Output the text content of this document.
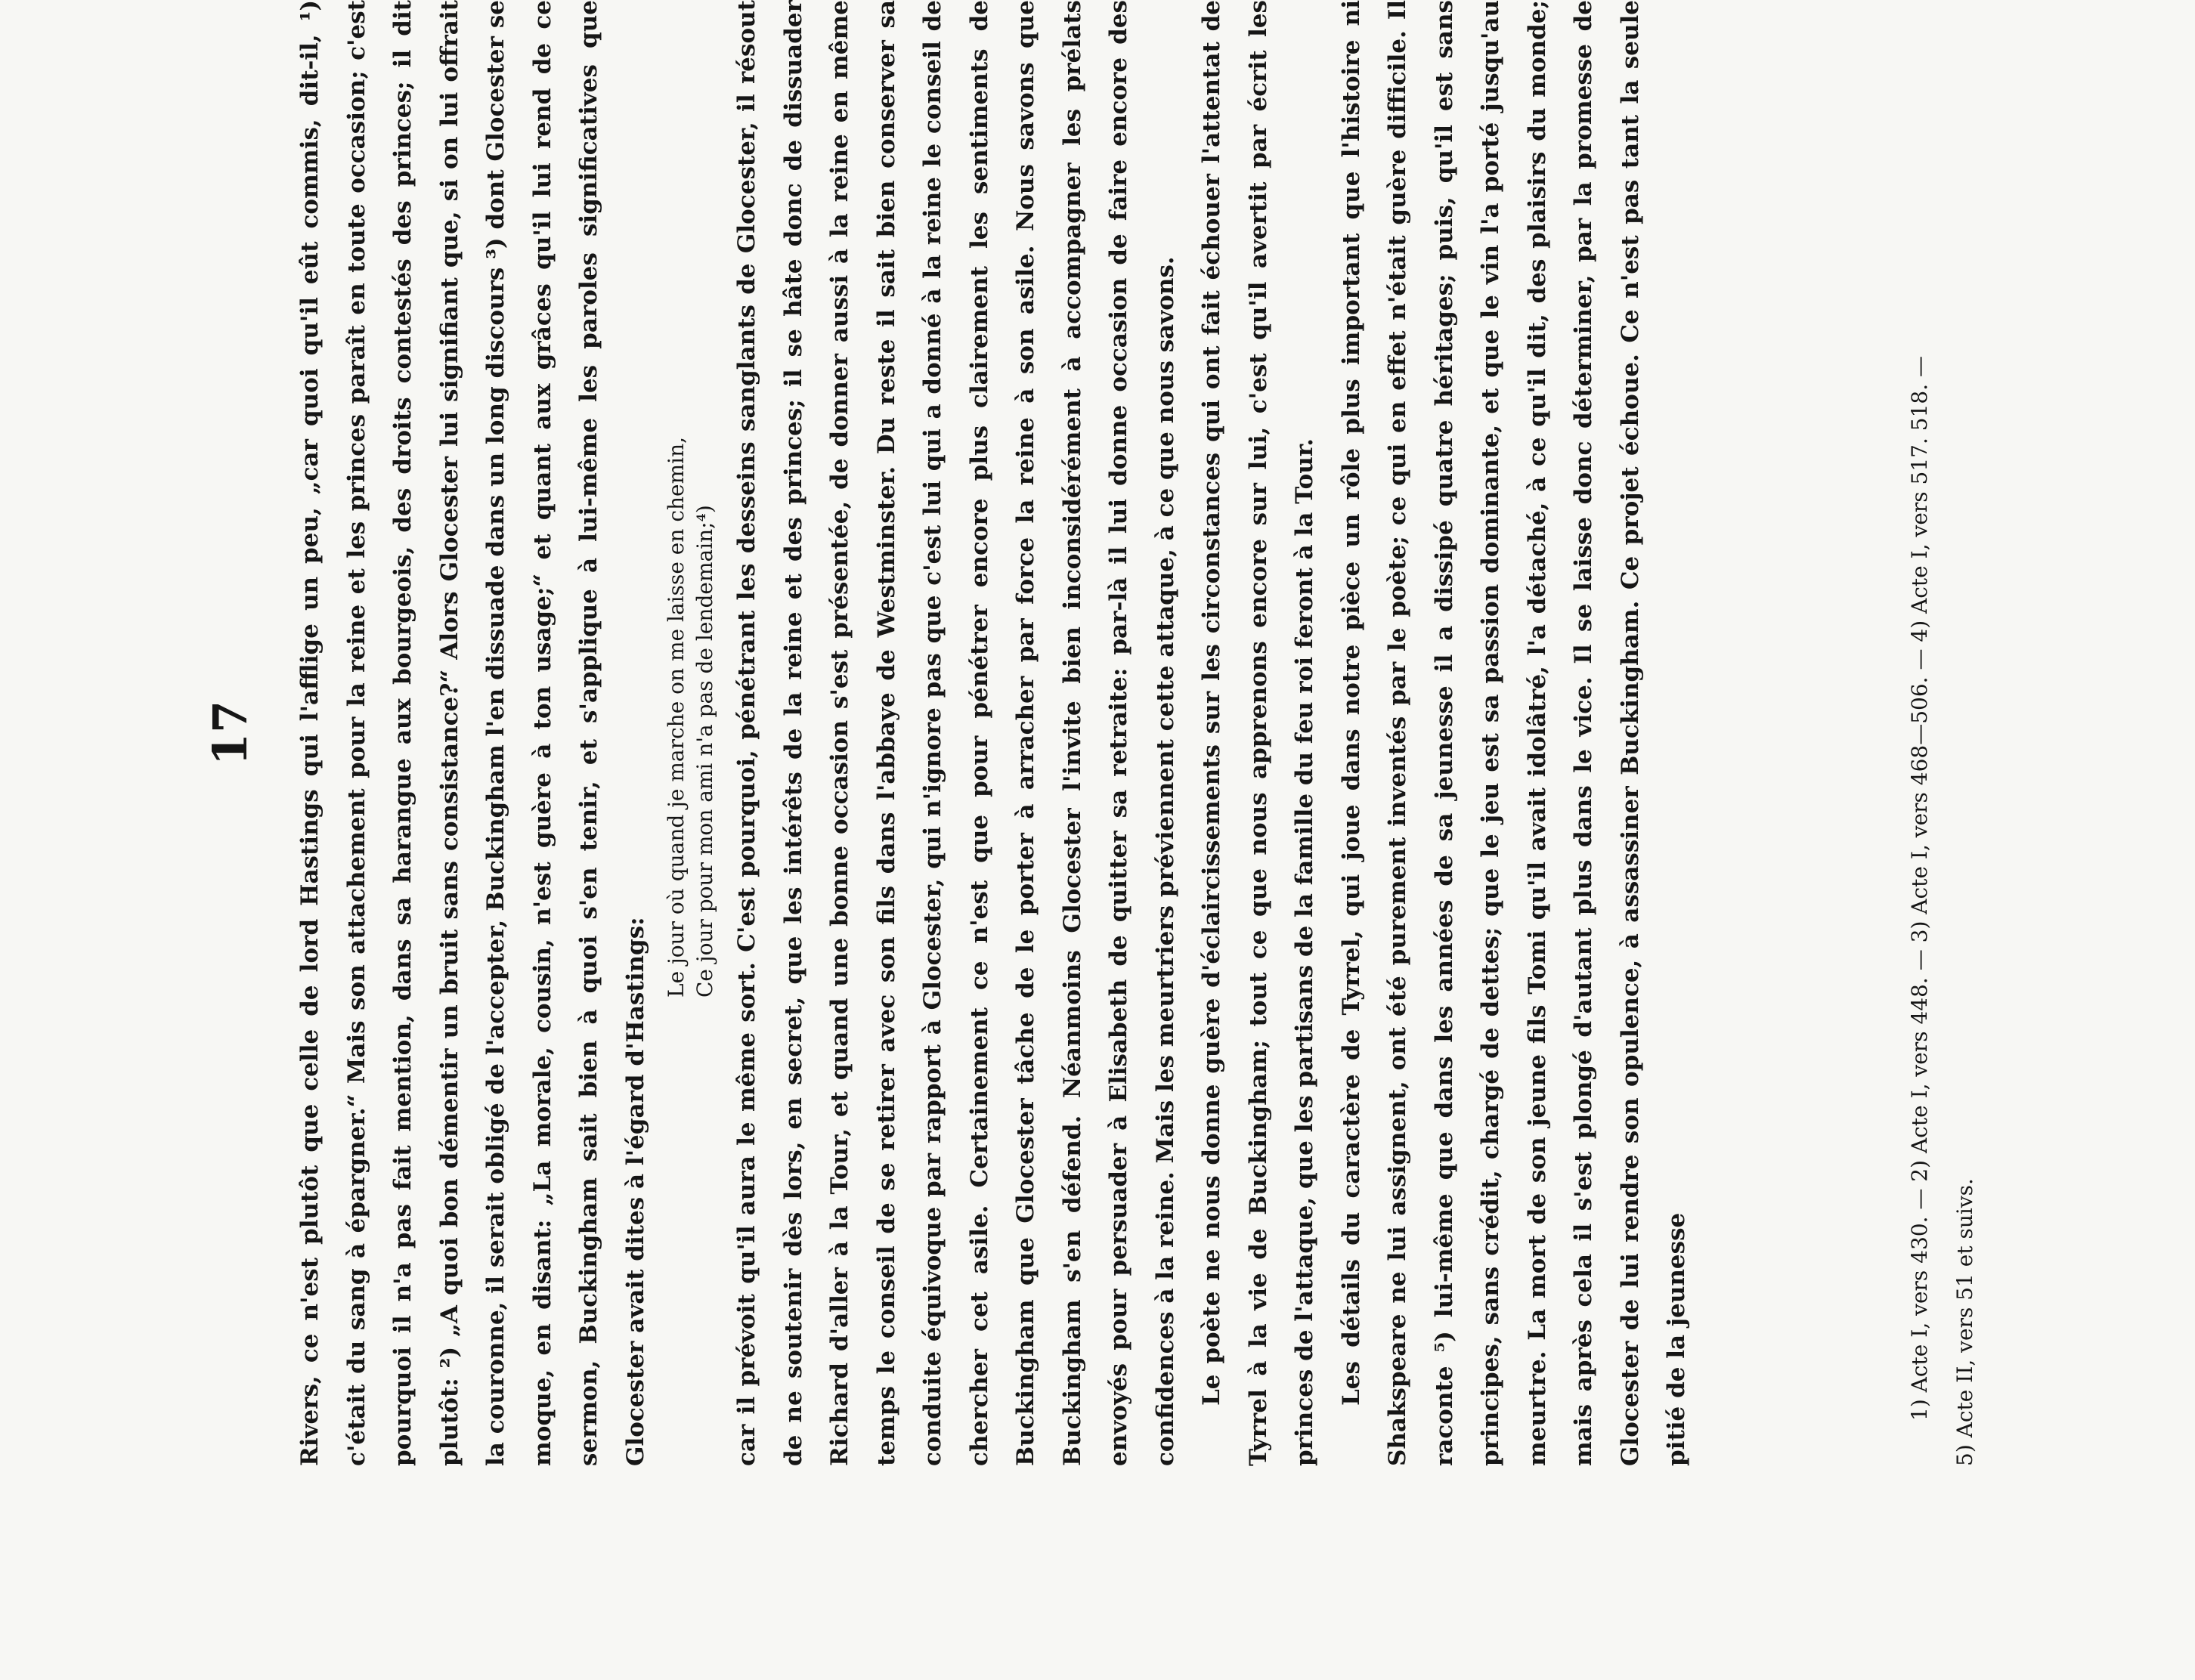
17	Rivers, ce n'est plutôt que celle de lord Hastings qui l'afflige un peu, „car quoi qu'il eût commis, dit-il, ¹) c'était du sang à épargner.“ Mais son attachement pour la reine et les princes paraît en toute occasion; c'est pourquoi il n'a pas fait mention, dans sa harangue aux bourgeois, des droits contestés des princes; il dit plutôt: ²) „A quoi bon démentir un bruit sans consistance?“ Alors Glocester lui signifiant que, si on lui offrait la couronne, il serait obligé de l'accepter, Buckingham l'en dissuade dans un long discours ³) dont Glocester se moque, en disant: „La morale, cousin, n'est guère à ton usage;“ et quant aux grâces qu'il lui rend de ce sermon, Buckingham sait bien à quoi s'en tenir, et s'applique à lui-même les paroles significatives que Glocester avait dites à l'égard d'Hastings:

Le jour où quand je marche on me laisse en chemin, Ce jour pour mon ami n'a pas de lendemain;⁴) car il prévoit qu'il aura le même sort. C'est pourquoi, pénétrant les desseins sanglants de Glocester, il résout de ne soutenir dès lors, en secret, que les intérêts de la reine et des princes; il se hâte donc de dissuader Richard d'aller à la Tour, et quand une bonne occasion s'est présentée, de donner aussi à la reine en même temps le conseil de se retirer avec son fils dans l'abbaye de Westminster. Du reste il sait bien conserver sa conduite équivoque par rapport à Glocester, qui n'ignore pas que c'est lui qui a donné à la reine le conseil de chercher cet asile. Certainement ce n'est que pour pénétrer encore plus clairement les sentiments de Buckingham que Glocester tâche de le porter à arracher par force la reine à son asile. Nous savons que Buckingham s'en défend. Néanmoins Glocester l'invite bien inconsidérément à accompagner les prélats envoyés pour persuader à Elisabeth de quitter sa retraite: par-là il lui donne occasion de faire encore des confidences à la reine. Mais les meurtriers préviennent cette attaque, à ce que nous savons. Le poète ne nous donne guère d'éclaircissements sur les circonstances qui ont fait échouer l'attentat de Tyrrel à la vie de Buckingham; tout ce que nous apprenons encore sur lui, c'est qu'il avertit par écrit les princes de l'attaque, que les partisans de la famille du feu roi feront à la Tour. Les détails du caractère de Tyrrel, qui joue dans notre pièce un rôle plus important que l'histoire ni Shakspeare ne lui assignent, ont été purement inventés par le poète; ce qui en effet n'était guère difficile. Il raconte ⁵) lui-même que dans les années de sa jeunesse il a dissipé quatre héritages; puis, qu'il est sans principes, sans crédit, chargé de dettes; que le jeu est sa passion dominante, et que le vin l'a porté jusqu'au meurtre. La mort de son jeune fils Tomi qu'il avait idolâtré, l'a détaché, à ce qu'il dit, des plaisirs du monde; mais après cela il s'est plongé d'autant plus dans le vice. Il se laisse donc déterminer, par la promesse de Glocester de lui rendre son opulence, à assassiner Buckingham. Ce projet échoue. Ce n'est pas tant la seule pitié de la jeunesse	1) Acte I, vers 430. — 2) Acte I, vers 448. — 3) Acte I, vers 468—506. — 4) Acte I, vers 517. 518. — 5) Acte II, vers 51 et suivs.
